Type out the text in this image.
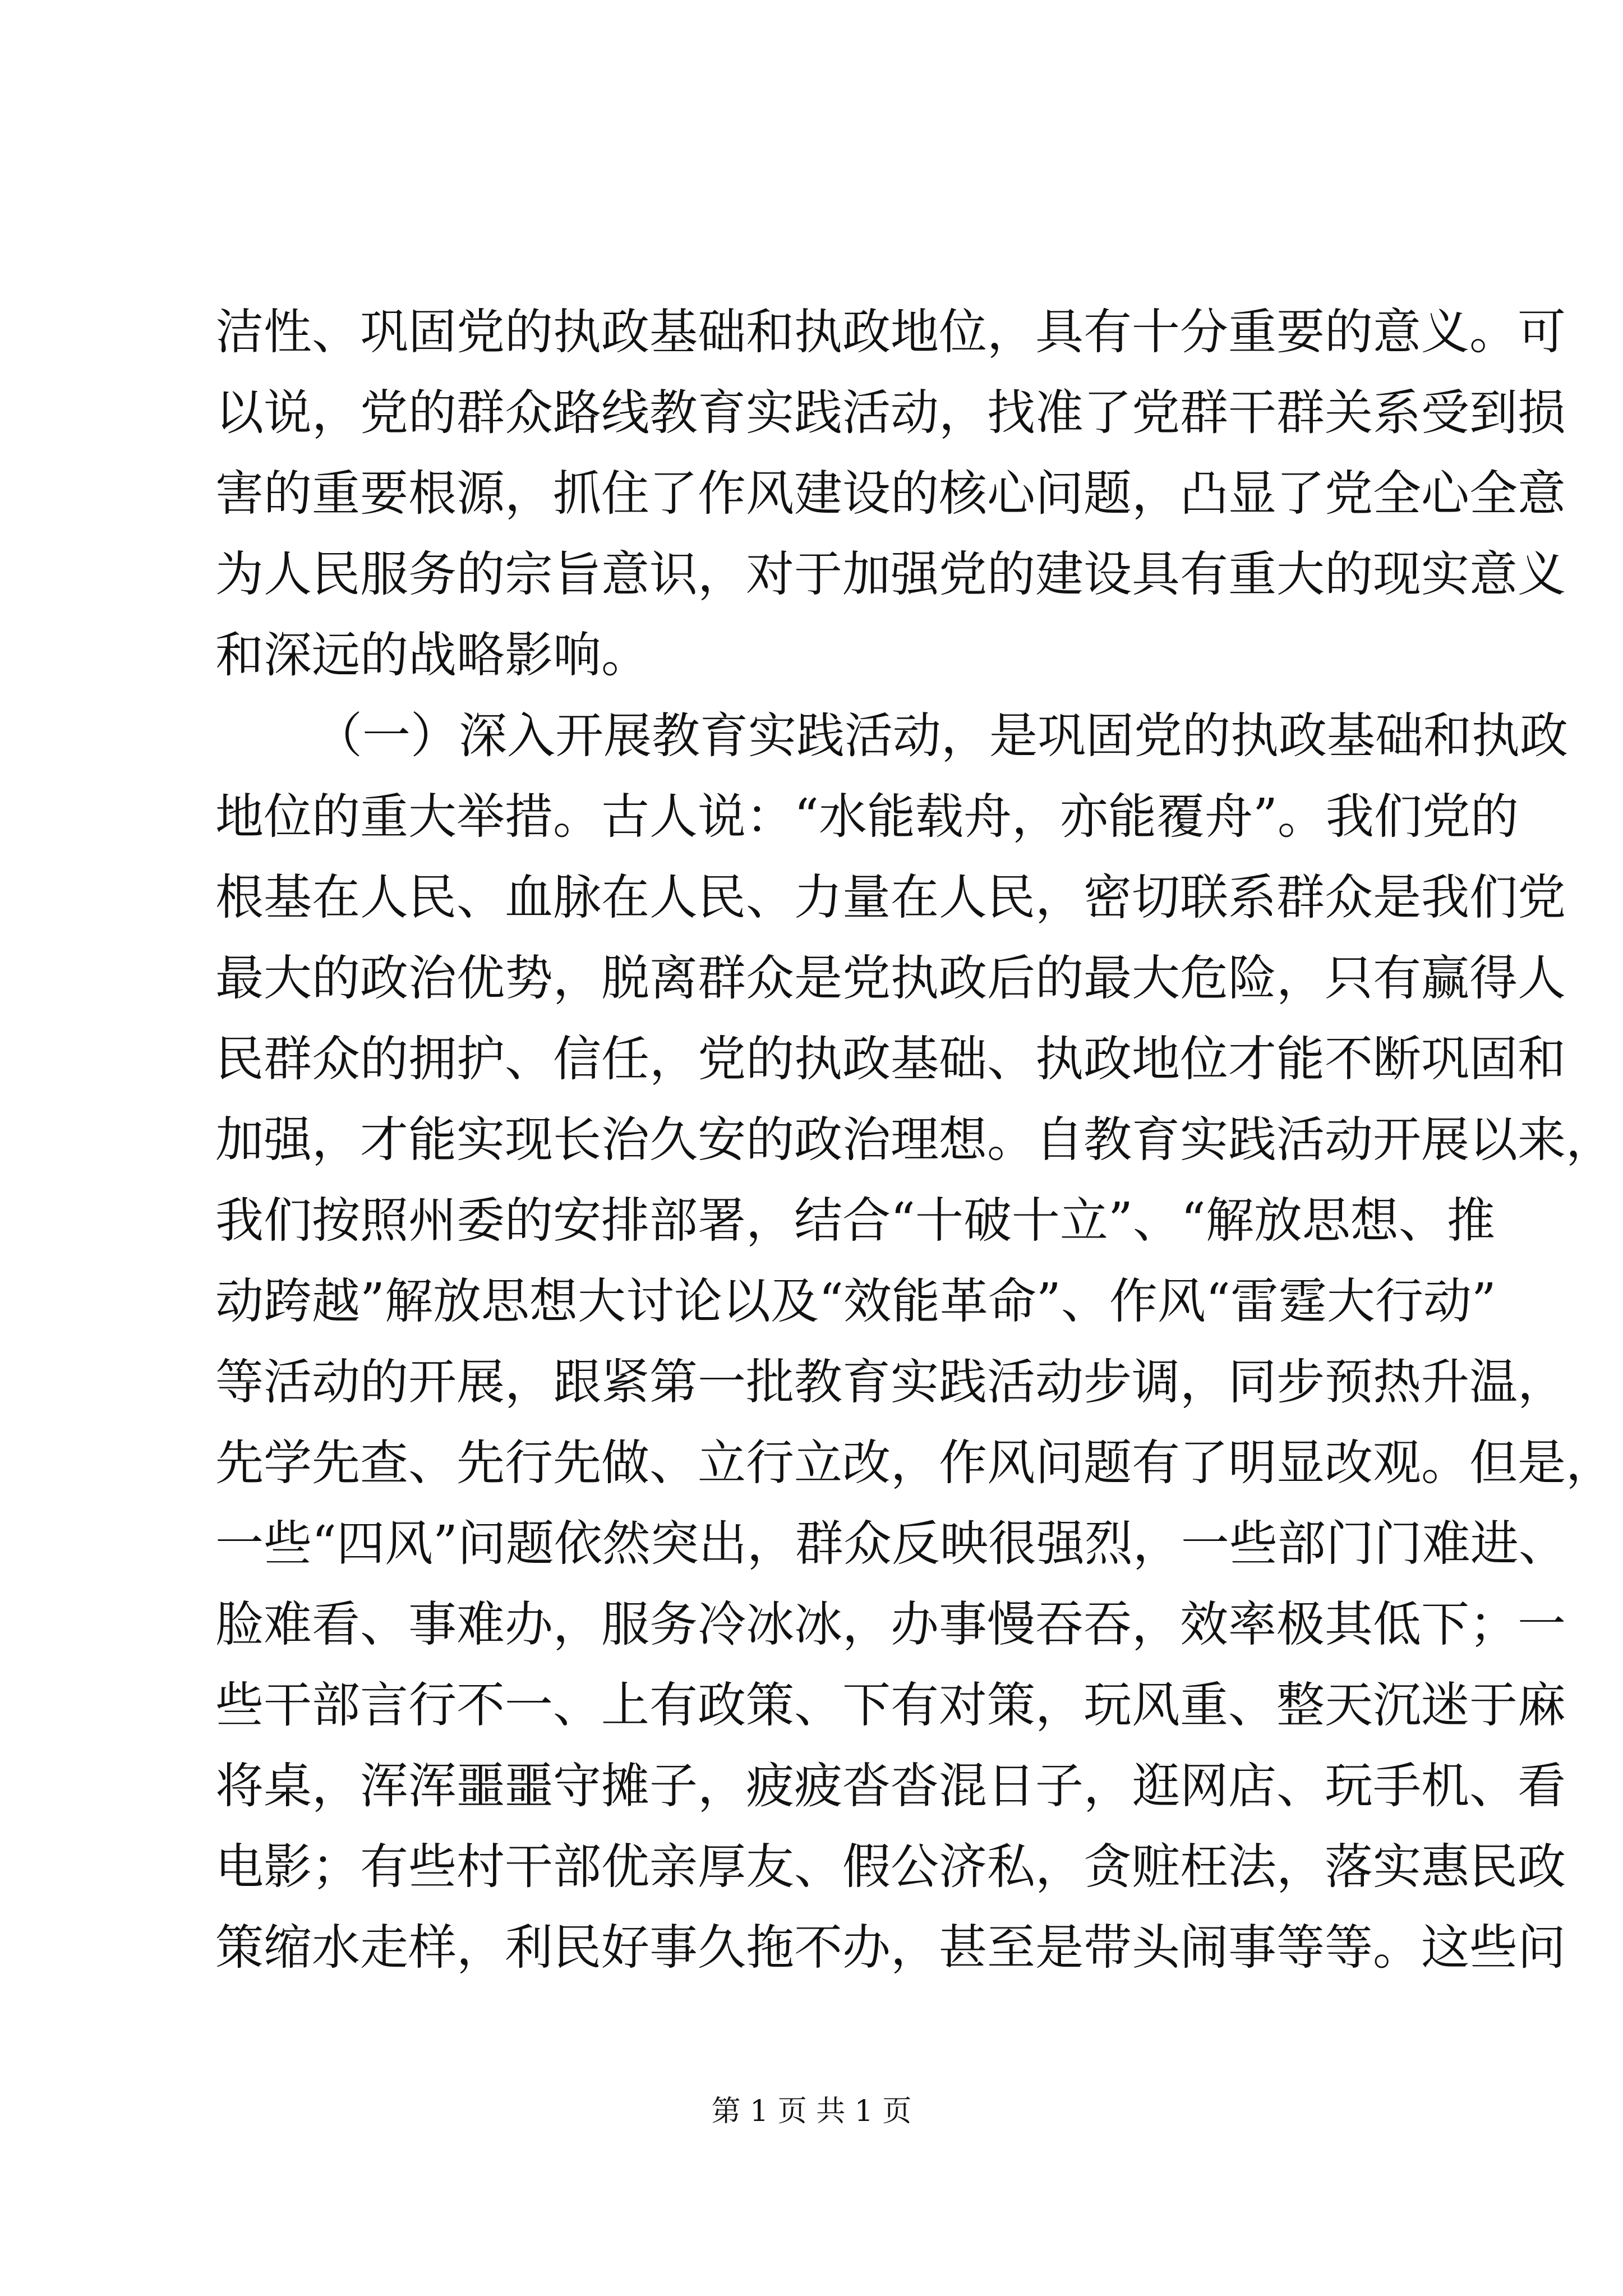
洁性、巩固党的执政基础和执政地位，具有十分重要的意义。可
以说，党的群众路线教育实践活动，找准了党群干群关系受到损
害的重要根源，抓住了作风建设的核心问题，凸显了党全心全意
为人民服务的宗旨意识，对于加强党的建设具有重大的现实意义
和深远的战略影响。
（一）深入开展教育实践活动，是巩固党的执政基础和执政
地位的重大举措。古人说：“水能载舟，亦能覆舟”。我们党的
根基在人民、血脉在人民、力量在人民，密切联系群众是我们党
最大的政治优势，脱离群众是党执政后的最大危险，只有赢得人
民群众的拥护、信任，党的执政基础、执政地位才能不断巩固和
加强，才能实现长治久安的政治理想。自教育实践活动开展以来，
我们按照州委的安排部署，结合“十破十立”、“解放思想、推
动跨越”解放思想大讨论以及“效能革命”、作风“雷霆大行动”
等活动的开展，跟紧第一批教育实践活动步调，同步预热升温，
先学先查、先行先做、立行立改，作风问题有了明显改观。但是，
一些“四风”问题依然突出，群众反映很强烈，一些部门门难进、
脸难看、事难办，服务冷冰冰，办事慢吞吞，效率极其低下；一
些干部言行不一、上有政策、下有对策，玩风重、整天沉迷于麻
将桌，浑浑噩噩守摊子，疲疲沓沓混日子，逛网店、玩手机、看
电影；有些村干部优亲厚友、假公济私，贪赃枉法，落实惠民政
策缩水走样，利民好事久拖不办，甚至是带头闹事等等。这些问
第 1 页 共 1 页
